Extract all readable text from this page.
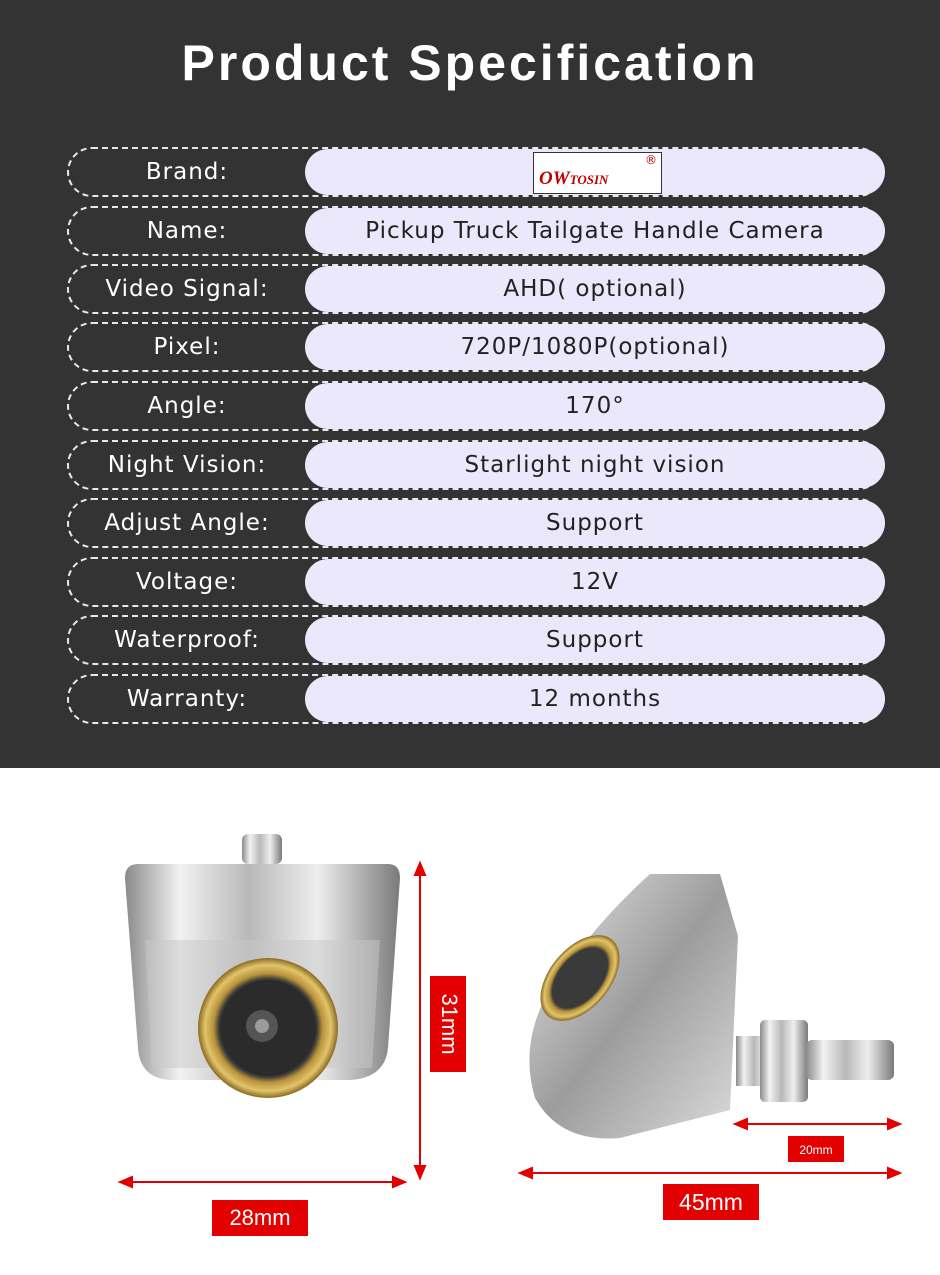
Product Specification
Brand:	OWTOSIN
®
Name:	Pickup Truck Tailgate Handle Camera
Video Signal:	AHD( optional)
Pixel:	720P/1080P(optional)
Angle:	170°
Night Vision:	Starlight night vision
Adjust Angle:	Support
Voltage:	12V
Waterproof:	Support
Warranty:	12 months
28mm
31mm
45mm
20mm
